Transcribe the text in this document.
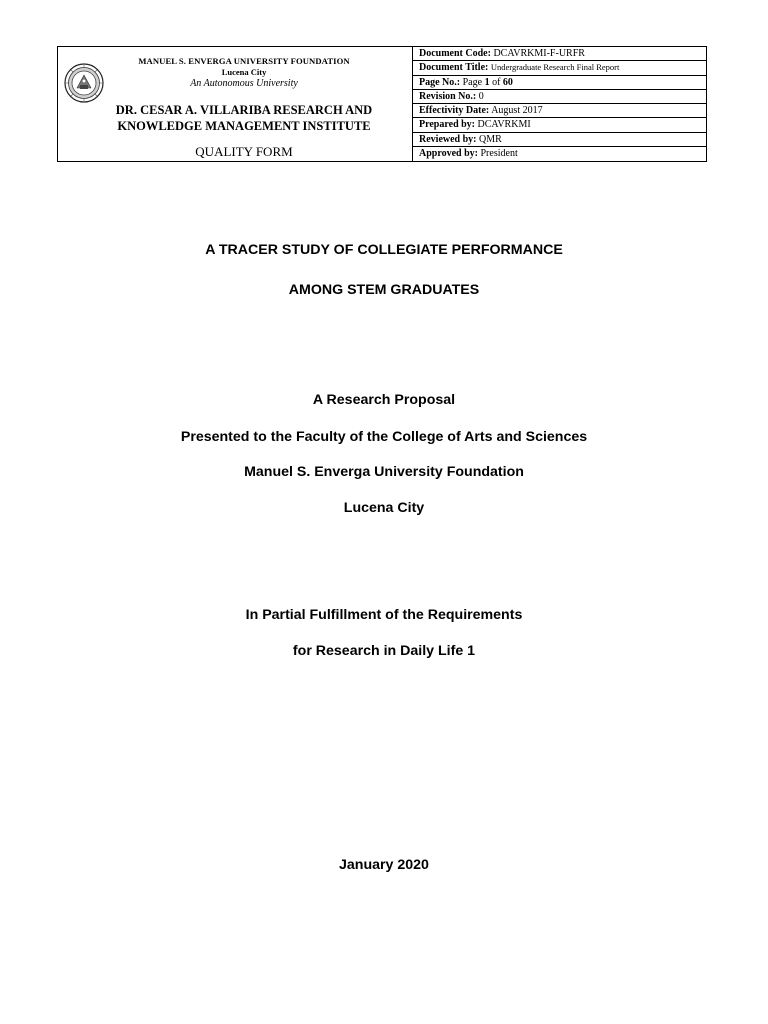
MANUEL S. ENVERGA UNIVERSITY FOUNDATION
Lucena City
An Autonomous University
DR. CESAR A. VILLARIBA RESEARCH AND
KNOWLEDGE MANAGEMENT INSTITUTE
QUALITY FORM
Document Code: DCAVRKMI-F-URFR
Document Title: Undergraduate Research Final Report
Page No.: Page 1 of 60
Revision No.: 0
Effectivity Date: August 2017
Prepared by: DCAVRKMI
Reviewed by: QMR
Approved by: President
A TRACER STUDY OF COLLEGIATE PERFORMANCE
AMONG STEM GRADUATES
A Research Proposal
Presented to the Faculty of the College of Arts and Sciences
Manuel S. Enverga University Foundation
Lucena City
In Partial Fulfillment of the Requirements
for Research in Daily Life 1
January 2020
